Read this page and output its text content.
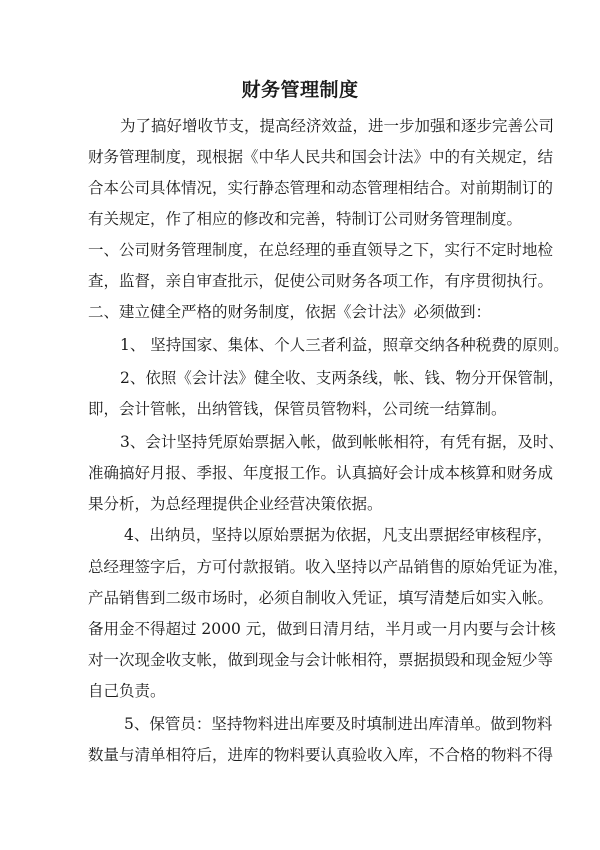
财务管理制度
为了搞好增收节支，提高经济效益，进一步加强和逐步完善公司
财务管理制度，现根据《中华人民共和国会计法》中的有关规定，结
合本公司具体情况，实行静态管理和动态管理相结合。对前期制订的
有关规定，作了相应的修改和完善，特制订公司财务管理制度。
一、公司财务管理制度，在总经理的垂直领导之下，实行不定时地检
查，监督，亲自审查批示，促使公司财务各项工作，有序贯彻执行。
二、建立健全严格的财务制度，依据《会计法》必须做到：
1、 坚持国家、集体、个人三者利益，照章交纳各种税费的原则。
2、依照《会计法》健全收、支两条线，帐、钱、物分开保管制，
即，会计管帐，出纳管钱，保管员管物料，公司统一结算制。
3、会计坚持凭原始票据入帐，做到帐帐相符，有凭有据，及时、
准确搞好月报、季报、年度报工作。认真搞好会计成本核算和财务成
果分析，为总经理提供企业经营决策依据。
4、出纳员，坚持以原始票据为依据，凡支出票据经审核程序，
总经理签字后，方可付款报销。收入坚持以产品销售的原始凭证为准，
产品销售到二级市场时，必须自制收入凭证，填写清楚后如实入帐。
备用金不得超过 2000 元，做到日清月结，半月或一月内要与会计核
对一次现金收支帐，做到现金与会计帐相符，票据损毁和现金短少等
自己负责。
5、保管员：坚持物料进出库要及时填制进出库清单。做到物料
数量与清单相符后，进库的物料要认真验收入库，不合格的物料不得
